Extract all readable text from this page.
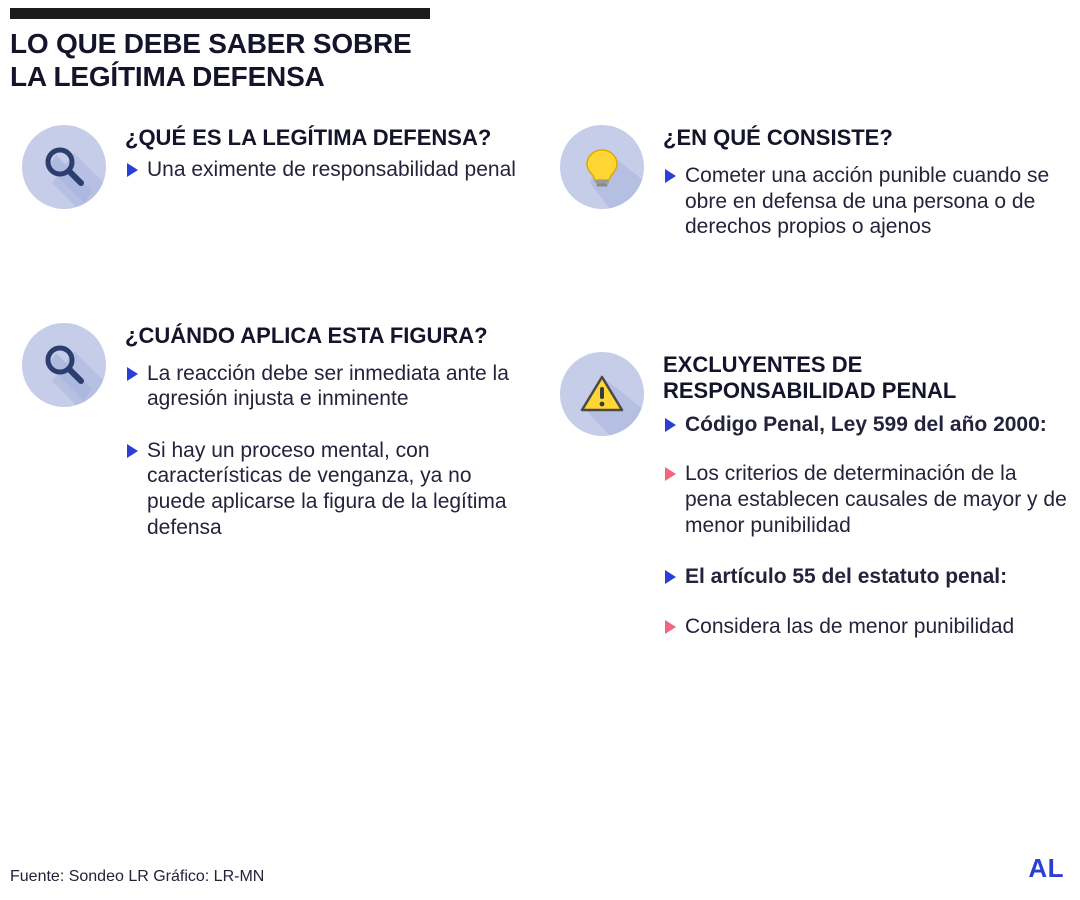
LO QUE DEBE SABER SOBRE
LA LEGÍTIMA DEFENSA
¿QUÉ ES LA LEGÍTIMA DEFENSA?
Una eximente de responsabilidad penal
¿CUÁNDO APLICA ESTA FIGURA?
La reacción debe ser inmediata ante la agresión injusta e inminente
Si hay un proceso mental, con características de venganza, ya no puede aplicarse la figura de la legítima defensa
¿EN QUÉ CONSISTE?
Cometer una acción punible cuando se obre en defensa de una persona o de derechos propios o ajenos
EXCLUYENTES DE RESPONSABILIDAD PENAL
Código Penal, Ley 599 del año 2000:
Los criterios de determinación de la pena establecen causales de mayor y de menor punibilidad
El artículo 55 del estatuto penal:
Considera las de menor punibilidad
Fuente: Sondeo LR Gráfico: LR-MN	AL
